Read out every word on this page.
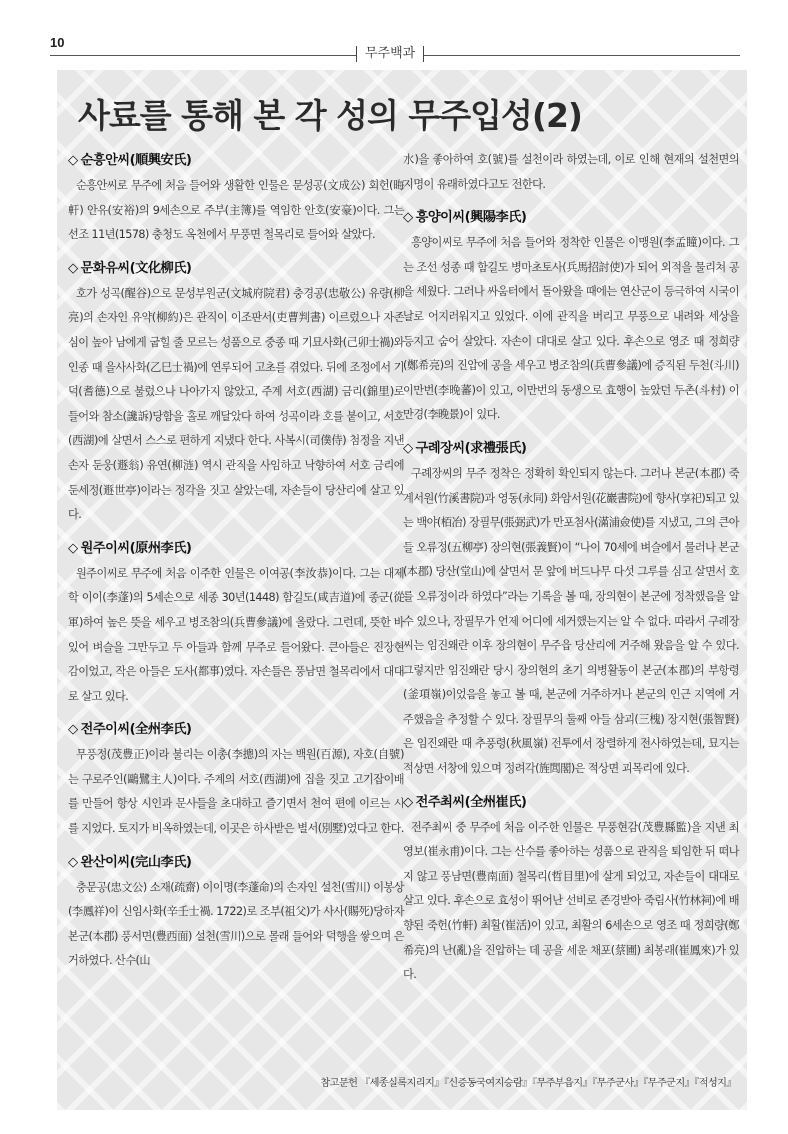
10
무주백과
사료를 통해 본 각 성의 무주입성(2)
◇ 순흥안씨(順興安氏)

순흥안씨로 무주에 처음 들어와 생활한 인물은 문성공(文成公) 회헌(晦軒) 안유(安裕)의 9세손으로 주부(主簿)를 역임한 안호(安豪)이다. 그는 선조 11년(1578) 충청도 옥천에서 무풍면 철목리로 들어와 살았다.

◇ 문화유씨(文化柳氏)

호가 성곡(醒谷)으로 문성부원군(文城府院君) 충경공(忠敬公) 유량(柳亮)의 손자인 유약(柳約)은 관직이 이조판서(吏曹判書) 이르렀으나 자존심이 높아 남에게 굽힐 줄 모르는 성품으로 중종 때 기묘사화(己卯士禍)와 인종 때 을사사화(乙巳士禍)에 연루되어 고초를 겪었다. 뒤에 조정에서 기덕(耆德)으로 불렀으나 나아가지 않았고, 주계 서호(西湖) 금리(錦里)로 들어와 참소(讒訴)당함을 홀로 깨달았다 하여 성곡이라 호를 붙이고, 서호(西湖)에 살면서 스스로 편하게 지냈다 한다. 사복시(司僕侍) 첨정을 지낸 손자 둔웅(遯翁) 유연(柳涟) 역시 관직을 사임하고 낙향하여 서호 금리에 둔세정(遯世亭)이라는 정각을 짓고 살았는데, 자손들이 당산리에 살고 있다.

◇ 원주이씨(原州李氏)

원주이씨로 무주에 처음 이주한 인물은 이여공(李汝恭)이다. 그는 대제학 이이(李蓬)의 5세손으로 세종 30년(1448) 함길도(咸吉道)에 종군(從軍)하여 높은 뜻을 세우고 병조참의(兵曹參議)에 올랐다. 그런데, 뜻한 바 있어 벼슬을 그만두고 두 아들과 함께 무주로 들어왔다. 큰아들은 진장현감이었고, 작은 아들은 도사(都事)였다. 자손들은 풍남면 철목리에서 대대로 살고 있다.

◇ 전주이씨(全州李氏)

무풍정(茂豊正)이라 불리는 이총(李摠)의 자는 백원(百源), 자호(自號)는 구로주인(鷗鷺主人)이다. 주계의 서호(西湖)에 집을 짓고 고기잡이배를 만들어 항상 시인과 문사들을 초대하고 즐기면서 천여 편에 이르는 시를 지었다. 토지가 비옥하였는데, 이곳은 하사받은 별서(別墅)였다고 한다.

◇ 완산이씨(完山李氏)

충문공(忠文公) 소재(疏齋) 이이명(李蓬命)의 손자인 설천(雪川) 이봉상(李鳳祥)이 신임사화(辛壬士禍. 1722)로 조부(祖父)가 사사(賜死)당하자 본군(本郡) 풍서면(豊西面) 설천(雪川)으로 몰래 들어와 덕행을 쌓으며 은거하였다. 산수(山

水)을 좋아하여 호(號)를 설천이라 하였는데, 이로 인해 현재의 설천면의 지명이 유래하였다고도 전한다.

◇ 흥양이씨(興陽李氏)

흥양이씨로 무주에 처음 들어와 정착한 인물은 이맹원(李孟瞳)이다. 그는 조선 성종 때 함길도 병마초토사(兵馬招討使)가 되어 외적을 물리쳐 공을 세웠다. 그러나 싸움터에서 돌아왔을 때에는 연산군이 등극하여 시국이 날로 어지러워지고 있었다. 이에 관직을 버리고 무풍으로 내려와 세상을 등지고 숨어 살았다. 자손이 대대로 살고 있다. 후손으로 영조 때 정희량(鄭希亮)의 진압에 공을 세우고 병조참의(兵曹參議)에 증직된 두천(斗川) 이만번(李晚蕃)이 있고, 이만번의 동생으로 효행이 높았던 두촌(斗村) 이만경(李晚景)이 있다.

◇ 구례장씨(求禮張氏)

구례장씨의 무주 정착은 정확히 확인되지 않는다. 그러나 본군(本郡) 죽계서원(竹溪書院)과 영동(永同) 화암서원(花巖書院)에 향사(享祀)되고 있는 백야(栢冶) 장필무(張弼武)가 만포첨사(滿浦僉使)를 지냈고, 그의 큰아들 오류정(五柳亭) 장의현(張義賢)이 “나이 70세에 벼슬에서 물러나 본군(本郡) 당산(堂山)에 살면서 문 앞에 버드나무 다섯 그루를 심고 살면서 호를 오류정이라 하였다”라는 기록을 볼 때, 장의현이 본군에 정착했음을 알 수 있으나, 장필무가 언제 어디에 세거했는지는 알 수 없다. 따라서 구례장씨는 임진왜란 이후 장의현이 무주읍 당산리에 거주해 왔음을 알 수 있다. 그렇지만 임진왜란 당시 장의현의 초기 의병활동이 본군(本郡)의 부항령(釜項嶺)이었음을 놓고 볼 때, 본군에 거주하거나 본군의 인근 지역에 거주했음을 추정할 수 있다. 장필무의 둘째 아들 삼괴(三槐) 장지현(張智賢)은 임진왜란 때 추풍령(秋風嶺) 전투에서 장렬하게 전사하였는데, 묘지는 적상면 서창에 있으며 정려각(旌閭閣)은 적상면 괴목리에 있다.

◇ 전주최씨(全州崔氏)

전주최씨 중 무주에 처음 이주한 인물은 무풍현감(茂豊縣監)을 지낸 최영보(崔永甫)이다. 그는 산수를 좋아하는 성품으로 관직을 퇴임한 뒤 떠나지 않고 풍남면(豊南面) 철목리(哲目里)에 살게 되었고, 자손들이 대대로 살고 있다. 후손으로 효성이 뛰어난 선비로 존경받아 죽림사(竹林祠)에 배향된 죽헌(竹軒) 최활(崔活)이 있고, 최활의 6세손으로 영조 때 정희량(鄭希亮)의 난(亂)을 진압하는 데 공을 세운 채포(蔡圃) 최봉래(崔鳳來)가 있다.

참고문헌 『세종실록지리지』『신증동국여지승람』『무주부읍지』『무주군사』『무주군지』『적성지』
